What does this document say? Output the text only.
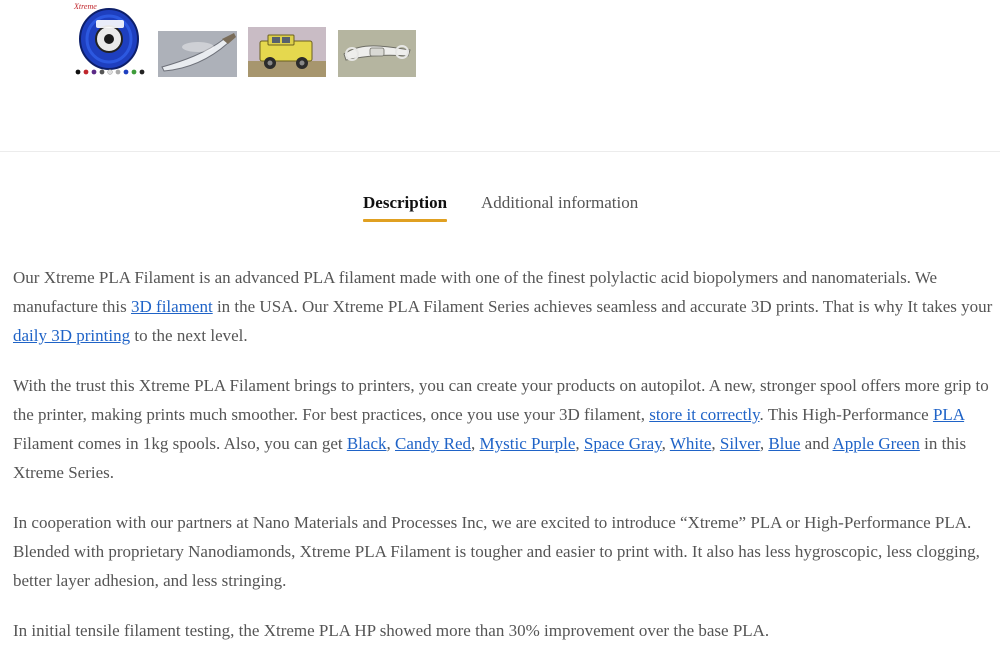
Xtreme
Description Additional information

Our Xtreme PLA Filament is an advanced PLA filament made with one of the finest polylactic acid biopolymers and nanomaterials. We manufacture this 3D filament in the USA. Our Xtreme PLA Filament Series achieves seamless and accurate 3D prints. That is why It takes your daily 3D printing to the next level.

With the trust this Xtreme PLA Filament brings to printers, you can create your products on autopilot. A new, stronger spool offers more grip to the printer, making prints much smoother. For best practices, once you use your 3D filament, store it correctly. This High-Performance PLA Filament comes in 1kg spools. Also, you can get Black, Candy Red, Mystic Purple, Space Gray, White, Silver, Blue and Apple Green in this Xtreme Series.

In cooperation with our partners at Nano Materials and Processes Inc, we are excited to introduce “Xtreme” PLA or High-Performance PLA. Blended with proprietary Nanodiamonds, Xtreme PLA Filament is tougher and easier to print with. It also has less hygroscopic, less clogging, better layer adhesion, and less stringing.

In initial tensile filament testing, the Xtreme PLA HP showed more than 30% improvement over the base PLA.
